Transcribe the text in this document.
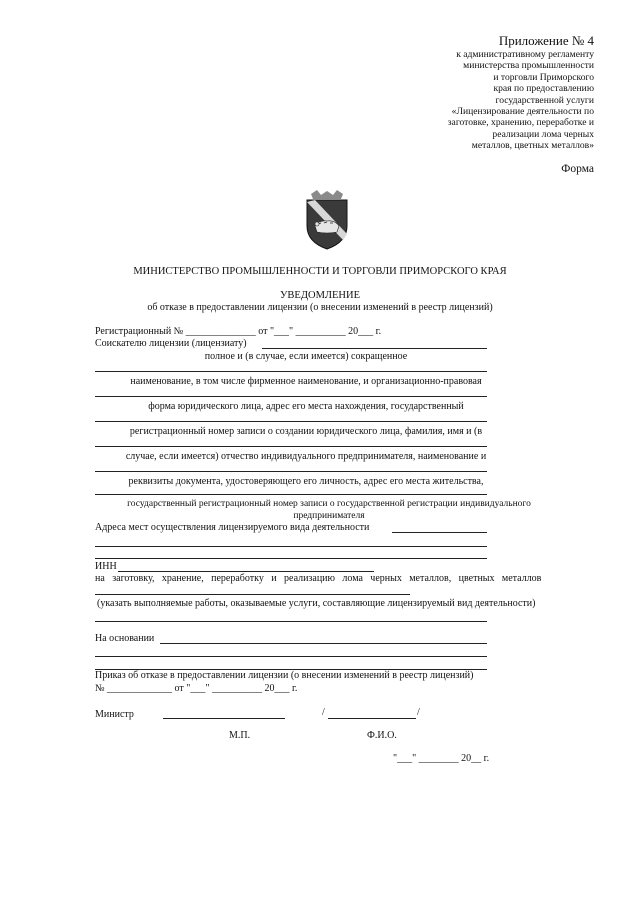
Приложение № 4
к административному регламенту
министерства промышленности
и торговли Приморского
края по предоставлению
государственной услуги
«Лицензирование деятельности по
заготовке, хранению, переработке и
реализации лома черных
металлов, цветных металлов»
Форма
МИНИСТЕРСТВО ПРОМЫШЛЕННОСТИ И ТОРГОВЛИ ПРИМОРСКОГО КРАЯ
УВЕДОМЛЕНИЕ
об отказе в предоставлении лицензии (о внесении изменений в реестр лицензий)
Регистрационный № ______________ от "___" __________ 20___ г.
Соискателю лицензии (лицензиату)
полное и (в случае, если имеется) сокращенное
наименование, в том числе фирменное наименование, и организационно-правовая
форма юридического лица, адрес его места нахождения, государственный
регистрационный номер записи о создании юридического лица, фамилия, имя и (в
случае, если имеется) отчество индивидуального предпринимателя, наименование и
реквизиты документа, удостоверяющего его личность, адрес его места жительства,
государственный регистрационный номер записи о государственной регистрации индивидуального
предпринимателя
Адреса мест осуществления лицензируемого вида деятельности
ИНН
на заготовку, хранение, переработку и реализацию лома черных металлов, цветных металлов
(указать выполняемые работы, оказываемые услуги, составляющие лицензируемый вид деятельности)
На основании
Приказ об отказе в предоставлении лицензии (о внесении изменений в реестр лицензий)
№ _____________ от "___" __________ 20___ г.
Министр	/	/
М.П.	Ф.И.О.
"___" ________ 20__ г.
